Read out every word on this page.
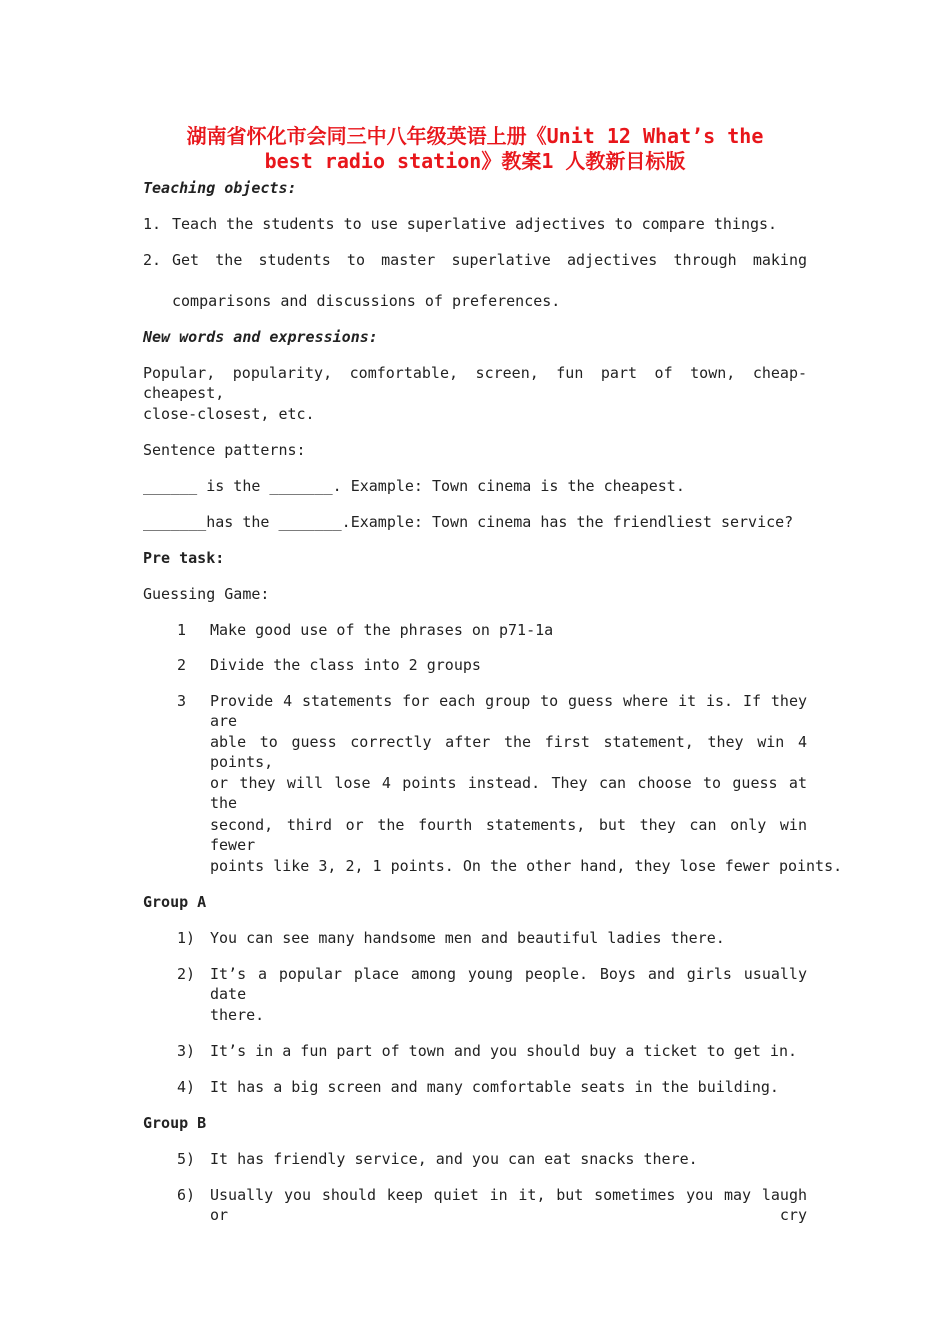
湖南省怀化市会同三中八年级英语上册《Unit 12 What’s the
best radio station》教案1 人教新目标版
Teaching objects:
1. Teach the students to use superlative adjectives to compare things.
2. Get the students to master superlative adjectives through making
comparisons and discussions of preferences.
New words and expressions:
Popular, popularity, comfortable, screen, fun part of town, cheap-cheapest,
close-closest, etc.
Sentence patterns:
______ is the _______. Example: Town cinema is the cheapest.
_______has the _______.Example: Town cinema has the friendliest service?
Pre task:
Guessing Game:
1 Make good use of the phrases on p71-1a
2 Divide the class into 2 groups
3 Provide 4 statements for each group to guess where it is. If they are
able to guess correctly after the first statement, they win 4 points,
or they will lose 4 points instead. They can choose to guess at the
second, third or the fourth statements, but they can only win fewer
points like 3, 2, 1 points. On the other hand, they lose fewer points.
Group A
1) You can see many handsome men and beautiful ladies there.
2) It’s a popular place among young people. Boys and girls usually date
there.
3) It’s in a fun part of town and you should buy a ticket to get in.
4) It has a big screen and many comfortable seats in the building.
Group B
5) It has friendly service, and you can eat snacks there.
6) Usually you should keep quiet in it, but sometimes you may laugh or cry
